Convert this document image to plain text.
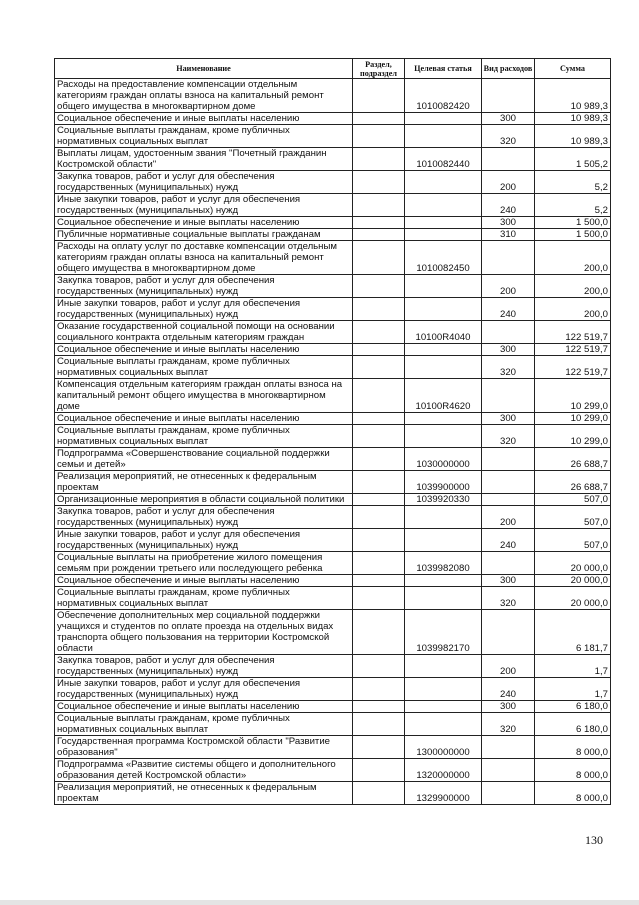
Наименование	Раздел, подраздел	Целевая статья	Вид расходов	Сумма
Расходы на предоставление компенсации отдельным категориям граждан оплаты взноса на капитальный ремонт общего имущества в многоквартирном доме		1010082420		10 989,3
Социальное обеспечение и иные выплаты населению			300	10 989,3
Социальные выплаты гражданам, кроме публичных нормативных социальных выплат			320	10 989,3
Выплаты лицам, удостоенным звания "Почетный гражданин Костромской области"		1010082440		1 505,2
Закупка товаров, работ и услуг для обеспечения государственных (муниципальных) нужд			200	5,2
Иные закупки товаров, работ и услуг для обеспечения государственных (муниципальных) нужд			240	5,2
Социальное обеспечение и иные выплаты населению			300	1 500,0
Публичные нормативные социальные выплаты гражданам			310	1 500,0
Расходы на оплату услуг по доставке компенсации отдельным категориям граждан оплаты взноса на капитальный ремонт общего имущества в многоквартирном доме		1010082450		200,0
Закупка товаров, работ и услуг для обеспечения государственных (муниципальных) нужд			200	200,0
Иные закупки товаров, работ и услуг для обеспечения государственных (муниципальных) нужд			240	200,0
Оказание государственной социальной помощи на основании социального контракта отдельным категориям граждан		10100R4040		122 519,7
Социальное обеспечение и иные выплаты населению			300	122 519,7
Социальные выплаты гражданам, кроме публичных нормативных социальных выплат			320	122 519,7
Компенсация отдельным категориям граждан оплаты взноса на капитальный ремонт общего имущества в многоквартирном доме		10100R4620		10 299,0
Социальное обеспечение и иные выплаты населению			300	10 299,0
Социальные выплаты гражданам, кроме публичных нормативных социальных выплат			320	10 299,0
Подпрограмма «Совершенствование социальной поддержки семьи и детей»		1030000000		26 688,7
Реализация мероприятий, не отнесенных к федеральным проектам		1039900000		26 688,7
Организационные мероприятия в области социальной политики		1039920330		507,0
Закупка товаров, работ и услуг для обеспечения государственных (муниципальных) нужд			200	507,0
Иные закупки товаров, работ и услуг для обеспечения государственных (муниципальных) нужд			240	507,0
Социальные выплаты на приобретение жилого помещения семьям при рождении третьего или последующего ребенка		1039982080		20 000,0
Социальное обеспечение и иные выплаты населению			300	20 000,0
Социальные выплаты гражданам, кроме публичных нормативных социальных выплат			320	20 000,0
Обеспечение дополнительных мер социальной поддержки учащихся и студентов по оплате проезда на отдельных видах транспорта общего пользования на территории Костромской области		1039982170		6 181,7
Закупка товаров, работ и услуг для обеспечения государственных (муниципальных) нужд			200	1,7
Иные закупки товаров, работ и услуг для обеспечения государственных (муниципальных) нужд			240	1,7
Социальное обеспечение и иные выплаты населению			300	6 180,0
Социальные выплаты гражданам, кроме публичных нормативных социальных выплат			320	6 180,0
Государственная программа Костромской области "Развитие образования"		1300000000		8 000,0
Подпрограмма «Развитие системы общего и дополнительного образования детей Костромской области»		1320000000		8 000,0
Реализация мероприятий, не отнесенных к федеральным проектам		1329900000		8 000,0
130
